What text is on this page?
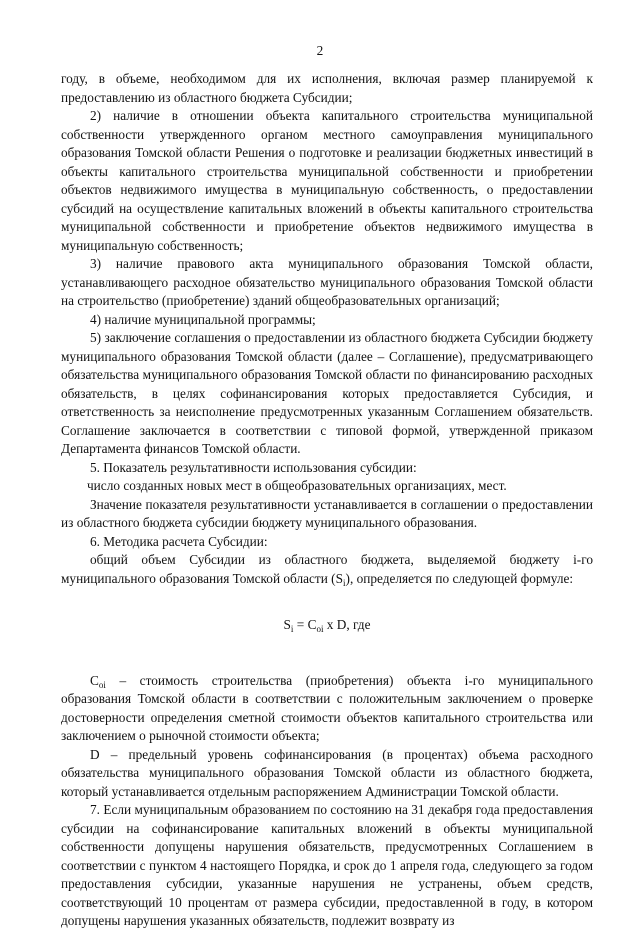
2

году, в объеме, необходимом для их исполнения, включая размер планируемой к предоставлению из областного бюджета Субсидии;

2) наличие в отношении объекта капитального строительства муниципальной собственности утвержденного органом местного самоуправления муниципального образования Томской области Решения о подготовке и реализации бюджетных инвестиций в объекты капитального строительства муниципальной собственности и приобретении объектов недвижимого имущества в муниципальную собственность, о предоставлении субсидий на осуществление капитальных вложений в объекты капитального строительства муниципальной собственности и приобретение объектов недвижимого имущества в муниципальную собственность;

3) наличие правового акта муниципального образования Томской области, устанавливающего расходное обязательство муниципального образования Томской области на строительство (приобретение) зданий общеобразовательных организаций;

4) наличие муниципальной программы;

5) заключение соглашения о предоставлении из областного бюджета Субсидии бюджету муниципального образования Томской области (далее – Соглашение), предусматривающего обязательства муниципального образования Томской области по финансированию расходных обязательств, в целях софинансирования которых предоставляется Субсидия, и ответственность за неисполнение предусмотренных указанным Соглашением обязательств. Соглашение заключается в соответствии с типовой формой, утвержденной приказом Департамента финансов Томской области.

5. Показатель результативности использования субсидии:

число созданных новых мест в общеобразовательных организациях, мест.

Значение показателя результативности устанавливается в соглашении о предоставлении из областного бюджета субсидии бюджету муниципального образования.

6. Методика расчета Субсидии:

общий объем Субсидии из областного бюджета, выделяемой бюджету i-го муниципального образования Томской области $(S_i)$, определяется по следующей формуле:

$S_i = C_{oi}$ x D, где

$C_{oi}$ – стоимость строительства (приобретения) объекта i-го муниципального образования Томской области в соответствии с положительным заключением о проверке достоверности определения сметной стоимости объектов капитального строительства или заключением о рыночной стоимости объекта;

D – предельный уровень софинансирования (в процентах) объема расходного обязательства муниципального образования Томской области из областного бюджета, который устанавливается отдельным распоряжением Администрации Томской области.

7. Если муниципальным образованием по состоянию на 31 декабря года предоставления субсидии на софинансирование капитальных вложений в объекты муниципальной собственности допущены нарушения обязательств, предусмотренных Соглашением в соответствии с пунктом 4 настоящего Порядка, и срок до 1 апреля года, следующего за годом предоставления субсидии, указанные нарушения не устранены, объем средств, соответствующий 10 процентам от размера субсидии, предоставленной в году, в котором допущены нарушения указанных обязательств, подлежит возврату из
